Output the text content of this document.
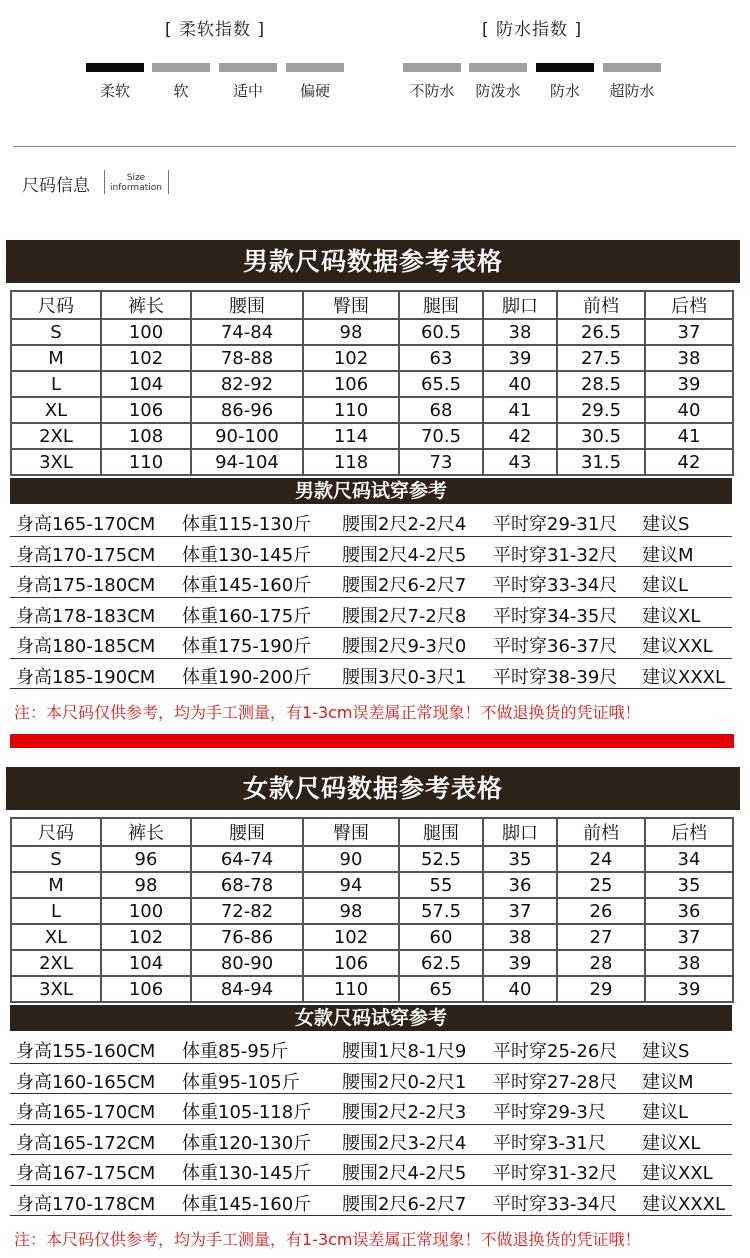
[ 柔软指数 ]
柔软	软	适中	偏硬
[ 防水指数 ]
不防水	防泼水	防水	超防水
尺码信息	Size
information
男款尺码数据参考表格
尺码	裤长	腰围	臀围	腿围	脚口	前档	后档
S	100	74-84	98	60.5	38	26.5	37
M	102	78-88	102	63	39	27.5	38
L	104	82-92	106	65.5	40	28.5	39
XL	106	86-96	110	68	41	29.5	40
2XL	108	90-100	114	70.5	42	30.5	41
3XL	110	94-104	118	73	43	31.5	42
男款尺码试穿参考
身高165-170CM 体重115-130斤 腰围2尺2-2尺4 平时穿29-31尺 建议S
身高170-175CM 体重130-145斤 腰围2尺4-2尺5 平时穿31-32尺 建议M
身高175-180CM 体重145-160斤 腰围2尺6-2尺7 平时穿33-34尺 建议L
身高178-183CM 体重160-175斤 腰围2尺7-2尺8 平时穿34-35尺 建议XL
身高180-185CM 体重175-190斤 腰围2尺9-3尺0 平时穿36-37尺 建议XXL
身高185-190CM 体重190-200斤 腰围3尺0-3尺1 平时穿38-39尺 建议XXXL
注：本尺码仅供参考，均为手工测量，有1-3cm误差属正常现象！不做退换货的凭证哦！
女款尺码数据参考表格
尺码	裤长	腰围	臀围	腿围	脚口	前档	后档
S	96	64-74	90	52.5	35	24	34
M	98	68-78	94	55	36	25	35
L	100	72-82	98	57.5	37	26	36
XL	102	76-86	102	60	38	27	37
2XL	104	80-90	106	62.5	39	28	38
3XL	106	84-94	110	65	40	29	39
女款尺码试穿参考
身高155-160CM 体重85-95斤	腰围1尺8-1尺9 平时穿25-26尺 建议S
身高160-165CM 体重95-105斤 腰围2尺0-2尺1 平时穿27-28尺 建议M
身高165-170CM 体重105-118斤 腰围2尺2-2尺3 平时穿29-3尺 建议L
身高165-172CM 体重120-130斤 腰围2尺3-2尺4 平时穿3-31尺 建议XL
身高167-175CM 体重130-145斤 腰围2尺4-2尺5 平时穿31-32尺 建议XXL
身高170-178CM 体重145-160斤 腰围2尺6-2尺7 平时穿33-34尺 建议XXXL
注：本尺码仅供参考，均为手工测量，有1-3cm误差属正常现象！不做退换货的凭证哦！
